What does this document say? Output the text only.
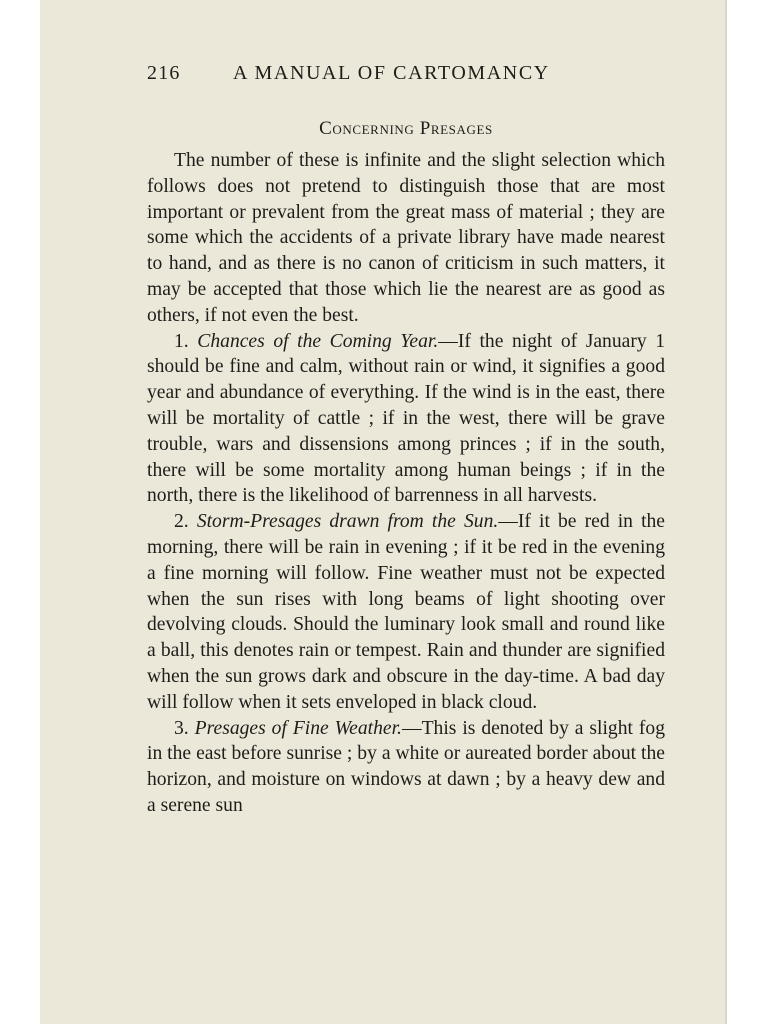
216	A MANUAL OF CARTOMANCY
Concerning Presages

The number of these is infinite and the slight selection which follows does not pretend to distinguish those that are most important or prevalent from the great mass of material ; they are some which the accidents of a private library have made nearest to hand, and as there is no canon of criticism in such matters, it may be accepted that those which lie the nearest are as good as others, if not even the best.

1. Chances of the Coming Year.—If the night of January 1 should be fine and calm, without rain or wind, it signifies a good year and abundance of everything. If the wind is in the east, there will be mortality of cattle ; if in the west, there will be grave trouble, wars and dissensions among princes ; if in the south, there will be some mortality among human beings ; if in the north, there is the likelihood of barrenness in all harvests.

2. Storm-Presages drawn from the Sun.—If it be red in the morning, there will be rain in evening ; if it be red in the evening a fine morning will follow. Fine weather must not be expected when the sun rises with long beams of light shooting over devolving clouds. Should the luminary look small and round like a ball, this denotes rain or tempest. Rain and thunder are signified when the sun grows dark and obscure in the day-time. A bad day will follow when it sets enveloped in black cloud.

3. Presages of Fine Weather.—This is denoted by a slight fog in the east before sunrise ; by a white or aureated border about the horizon, and moisture on windows at dawn ; by a heavy dew and a serene sun
